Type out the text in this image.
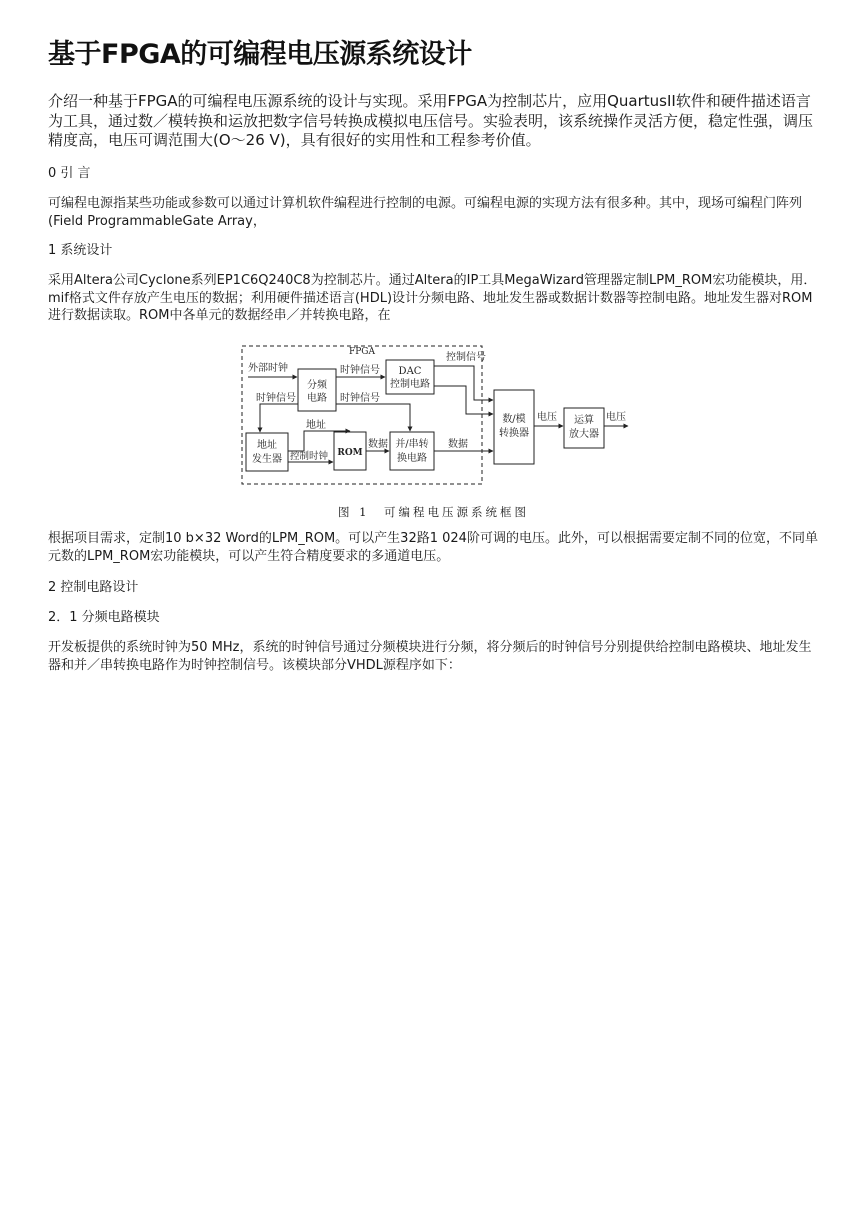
基于FPGA的可编程电压源系统设计

介绍一种基于FPGA的可编程电压源系统的设计与实现。采用FPGA为控制芯片，应用QuartusII软件和硬件描述语言为工具，通过数／模转换和运放把数字信号转换成模拟电压信号。实验表明，该系统操作灵活方便，稳定性强，调压精度高，电压可调范围大(O～26 V)，具有很好的实用性和工程参考价值。

0 引 言

可编程电源指某些功能或参数可以通过计算机软件编程进行控制的电源。可编程电源的实现方法有很多种。其中，现场可编程门阵列(Field ProgrammableGate Array，

1 系统设计

采用Altera公司Cyclone系列EP1C6Q240C8为控制芯片。通过Altera的IP工具MegaWizard管理器定制LPM_ROM宏功能模块，用．mif格式文件存放产生电压的数据；利用硬件描述语言(HDL)设计分频电路、地址发生器或数据计数器等控制电路。地址发生器对ROM进行数据读取。ROM中各单元的数据经串／并转换电路，在

FPGA
外部时钟
分频
电路
时钟信号 DAC
控制电路
控制信号
时钟信号	时钟信号
地址
地址
发生器 控制时钟 ROM
数据 并/串转
换电路
数据
数/模
转换器
电压 运算
放大器
电压
图 1　可编程电压源系统框图

根据项目需求，定制10 b×32 Word的LPM_ROM。可以产生32路1 024阶可调的电压。此外，可以根据需要定制不同的位宽，不同单元数的LPM_ROM宏功能模块，可以产生符合精度要求的多通道电压。

2 控制电路设计

2．1 分频电路模块

开发板提供的系统时钟为50 MHz，系统的时钟信号通过分频模块进行分频，将分频后的时钟信号分别提供给控制电路模块、地址发生器和并／串转换电路作为时钟控制信号。该模块部分VHDL源程序如下：
